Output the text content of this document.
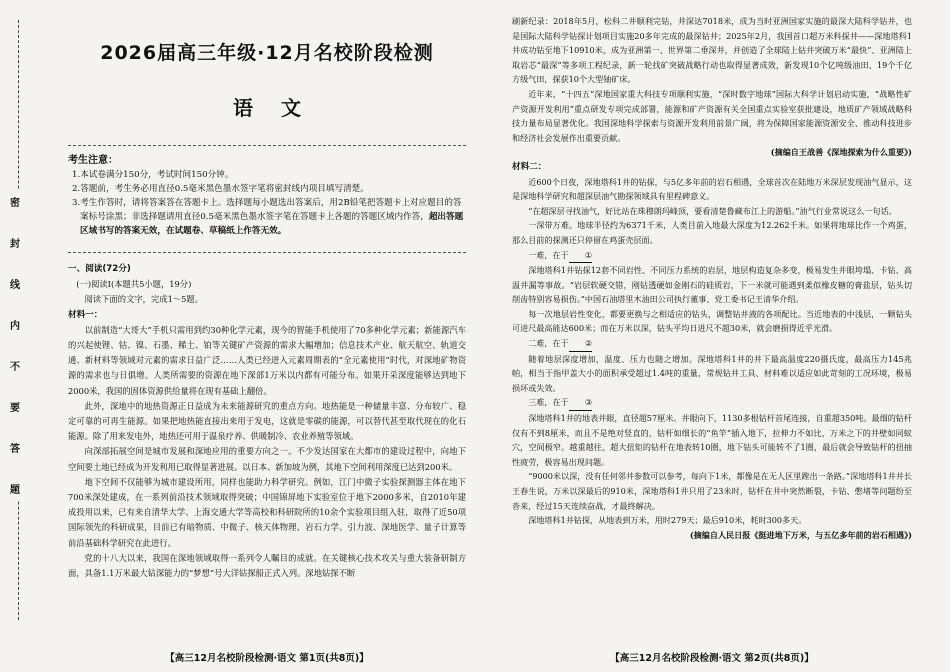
密
封
线
内
不
要
答
题
2026届高三年级·12月名校阶段检测
语文
考生注意：

1.本试卷满分150分，考试时间150分钟。

2.答题前，考生务必用直径0.5毫米黑色墨水签字笔将密封线内项目填写清楚。

3.考生作答时，请将答案答在答题卡上。选择题每小题选出答案后，用2B铅笔把答题卡上对应题目的答案标号涂黑；非选择题请用直径0.5毫米黑色墨水签字笔在答题卡上各题的答题区域内作答，超出答题区域书写的答案无效，在试题卷、草稿纸上作答无效。

一、阅读(72分)

(一)阅读Ⅰ(本题共5小题，19分)

阅读下面的文字，完成1～5题。

材料一：

以前制造“大哥大”手机只需用到约30种化学元素，现今的智能手机使用了70多种化学元素；新能源汽车的兴起使锂、钴、镍、石墨、稀土、铂等关键矿产资源的需求大幅增加；信息技术产业、航天航空、轨道交通、新材料等领域对元素的需求日益广泛……人类已经进入元素周期表的“全元素使用”时代，对深地矿物资源的需求也与日俱增。人类所需要的资源在地下深部1万米以内都有可能分布。如果开采深度能够达到地下2000米，我国的固体资源供给量将在现有基础上翻倍。

此外，深地中的地热资源正日益成为未来能源研究的重点方向。地热能是一种储量丰富、分布较广、稳定可靠的可再生能源。如果把地热能直接出来用于发电，这就是零碳的能源，可以替代甚至取代现在的化石能源。除了用来发电外，地热还可用于温泉疗养、供暖制冷、农业养殖等领域。

向深部拓展空间是城市发展和深地应用的重要方向之一。不少发达国家在大都市的建设过程中，向地下空间要土地已经成为开发利用已取得显著进展。以日本、新加坡为例，其地下空间利用深度已达到200米。

地下空间不仅能够为城市建设所用，同样也能助力科学研究。例如，江门中微子实验探测器主体在地下700米深处建成，在一系列前沿技术领域取得突破；中国锦屏地下实验室位于地下2000多米，自2010年建成投用以来，已有来自清华大学、上海交通大学等高校和科研院所的10余个实验项目组入驻，取得了近50项国际领先的科研成果，目前已有暗物质、中微子、核天体物理、岩石力学、引力波、深地医学、量子计算等前沿基础科学研究在此进行。

党的十八大以来，我国在深地领域取得一系列令人瞩目的成就。在关键核心技术攻关与重大装备研制方面，具备1.1万米最大钻深能力的“梦想”号大洋钻探船正式入列。深地钻探不断

【高三12月名校阶段检测·语文 第1页(共8页)】

刷新纪录：2018年5月，松科二井顺利完钻，井深达7018米，成为当时亚洲国家实施的最深大陆科学钻井，也是国际大陆科学钻探计划项目实施20多年完成的最深钻井；2025年2月，我国首口超万米科探井——深地塔科1井成功钻至地下10910米，成为亚洲第一、世界第二垂深井，并创造了全球陆上钻井突破万米“最快”、亚洲陆上取岩芯“最深”等多项工程纪录，新一轮找矿突破战略行动也取得显著成效，新发现10个亿吨级油田、19个千亿方级气田，探获10个大型铀矿床。

近年来，“十四五”深地国家重大科技专项顺利实施，“深时数字地球”国际大科学计划启动实施，“战略性矿产资源开发利用”重点研发专项完成部署，能源和矿产资源有关全国重点实验室获批建设，地质矿产领域战略科技力量布局显著优化。我国深地科学探索与资源开发利用前景广阔，将为保障国家能源资源安全、推动科技进步和经济社会发展作出重要贡献。

(摘编自王战善《深地探索为什么重要》)

材料二：

近600个日夜，深地塔科1井的钻探，与5亿多年前的岩石相遇，全球首次在陆地万米深层发现油气显示，这是深地科学研究和超深层油气勘探领域具有里程碑意义。

“在超深层寻找油气，好比站在珠穆朗玛峰顶，要看清楚鲁藏布江上的游船。”油气行业常说这么一句话。

一深带万难。地球半径约为6371千米，人类目前入地最大深度为12.262千米。如果将地球比作一个鸡蛋，那么目前的探测还只停留在鸡蛋壳层面。

一难，在于 ①

深地塔科1井钻探12套不同岩性、不同压力系统的岩层，地层构造复杂多变，极易发生井眼垮塌、卡钻、高温井漏等事故。“岩层软硬交错，刚钻透硬如金刚石的硅质岩，下一米就可能遇到柔似橡皮糖的膏盐层，钻头切削齿特别容易损伤。”中国石油塔里木油田公司执行董事、党工委书记王清华介绍。

每一次地层岩性变化，都要更换与之相适应的钻头，调整钻井液的各项配比。当近地表的中浅层，一颗钻头可进尺最高能达600米；而在万米以深，钻头平均日进尺不超30米，就会磨损得近乎光滑。

二难，在于 ②

随着地层深度增加，温度、压力也随之增加。深地塔科1井的井下最高温度220摄氏度，最高压力145兆帕，相当于指甲盖大小的面积承受超过1.4吨的重量，常规钻井工具、材料难以适应如此苛刻的工况环境，极易损坏或失效。

三难，在于 ③

深地塔科1井的地表井眼，直径超57厘米。井眼向下，1130多根钻杆首尾连接，自重超350吨。最细的钻杆仅有不到8厘米，而且不是绝对竖直的，钻杆如细长的“鱼竿”插入地下，拉伸力不如比，万米之下的井壁如同蚁穴，空间极窄。越重越往、超大扭矩的钻杆在地表转10圈，地下钻头可能转不了1圈，最后就会导致钻杆的扭抽性疲劳，极容易出现问题。

“9000米以深，没有任何邻井参数可以参考，每向下1米，都像是在无人区里蹚出一条路。”深地塔科1井井长王春生说，万米以深最后的910米，深地塔科1井只用了23米时，钻杆在井中突然断裂，卡钻、憋堵等问题纷至沓来，经过15天连续奋战，才最终解决。

深地塔科1井钻探，从地表到万米，用时279天；最后910米，耗时300多天。

(摘编自人民日报《挺进地下万米，与五亿多年前的岩石相遇》)

【高三12月名校阶段检测·语文 第2页(共8页)】
